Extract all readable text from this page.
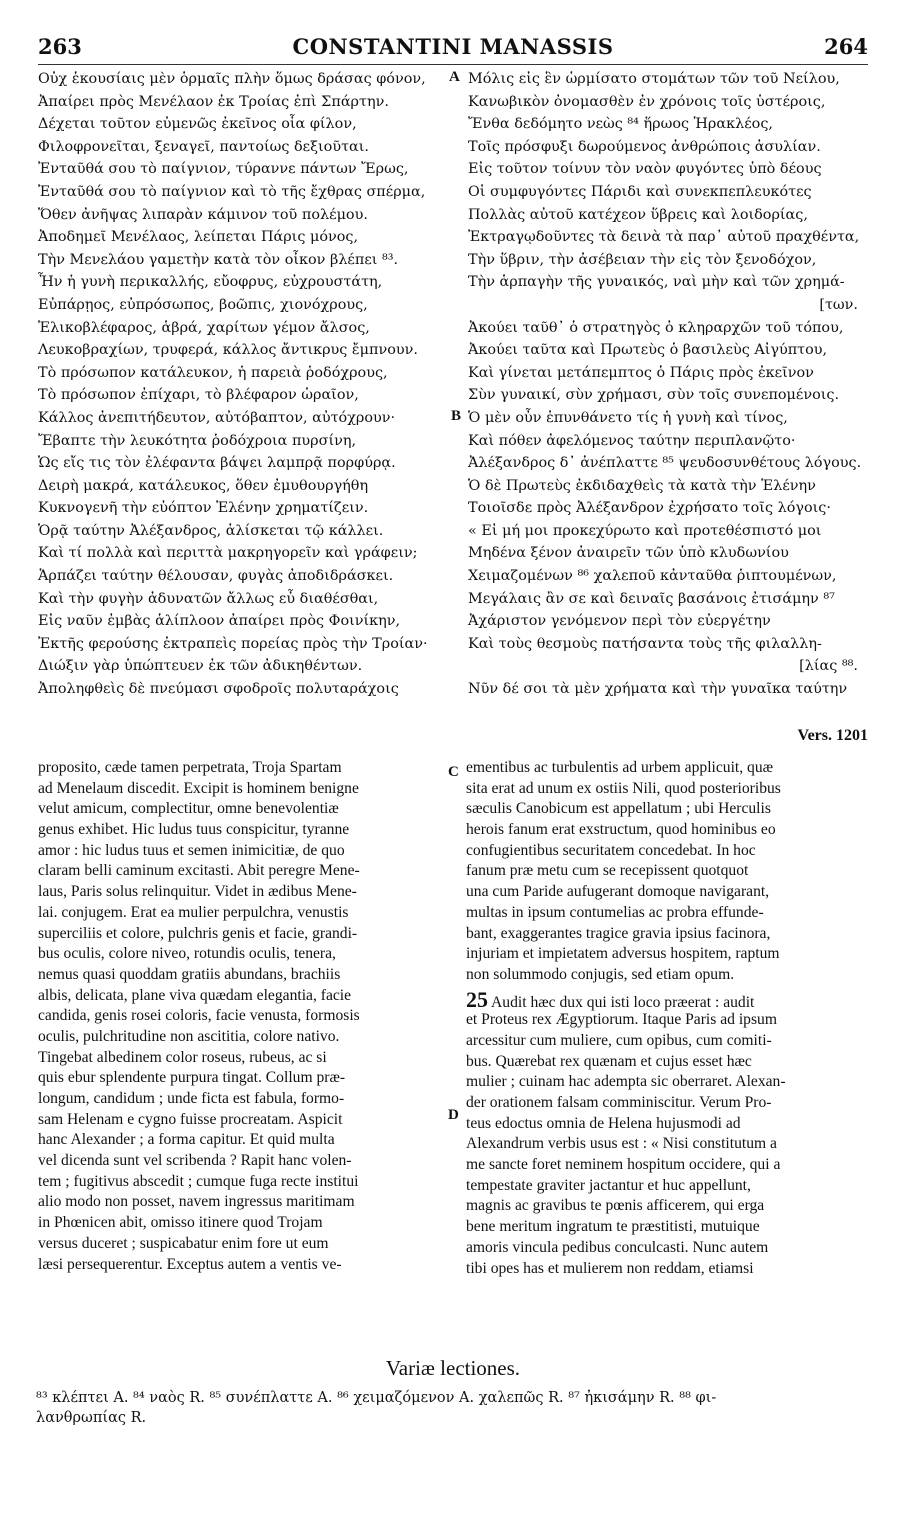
263	CONSTANTINI MANASSIS	264
Οὐχ ἑκουσίαις μὲν ὁρμαῖς πλὴν ὅμως δράσας φόνον,
Ἀπαίρει πρὸς Μενέλαον ἐκ Τροίας ἐπὶ Σπάρτην.
Δέχεται τοῦτον εὐμενῶς ἐκεῖνος οἷα φίλον,
Φιλοφρονεῖται, ξεναγεῖ, παντοίως δεξιοῦται.
Ἐνταῦθά σου τὸ παίγνιον, τύραννε πάντων Ἔρως,
Ἐνταῦθά σου τὸ παίγνιον καὶ τὸ τῆς ἔχθρας σπέρμα,
Ὅθεν ἀνῆψας λιπαρὰν κάμινον τοῦ πολέμου.
Ἀποδημεῖ Μενέλαος, λείπεται Πάρις μόνος,
Τὴν Μενελάου γαμετὴν κατὰ τὸν οἶκον βλέπει ⁸³.
Ἦν ἡ γυνὴ περικαλλής, εὔοφρυς, εὐχρουστάτη,
Εὐπάρῃος, εὐπρόσωπος, βοῶπις, χιονόχρους,
Ἑλικοβλέφαρος, ἁβρά, χαρίτων γέμον ἄλσος,
Λευκοβραχίων, τρυφερά, κάλλος ἄντικρυς ἔμπνουν.
Τὸ πρόσωπον κατάλευκον, ἡ παρειὰ ῥοδόχρους,
Τὸ πρόσωπον ἐπίχαρι, τὸ βλέφαρον ὡραῖον,
Κάλλος ἀνεπιτήδευτον, αὐτόβαπτον, αὐτόχρουν·
Ἔβαπτε τὴν λευκότητα ῥοδόχροια πυρσίνη,
Ὡς εἴς τις τὸν ἐλέφαντα βάψει λαμπρᾷ πορφύρᾳ.
Δειρὴ μακρά, κατάλευκος, ὅθεν ἐμυθουργήθη
Κυκνογενῆ τὴν εὐόπτον Ἑλένην χρηματίζειν.
Ὁρᾷ ταύτην Ἀλέξανδρος, ἁλίσκεται τῷ κάλλει.
Καὶ τί πολλὰ καὶ περιττὰ μακρηγορεῖν καὶ γράφειν;
Ἁρπάζει ταύτην θέλουσαν, φυγὰς ἀποδιδράσκει.
Καὶ τὴν φυγὴν ἀδυνατῶν ἄλλως εὖ διαθέσθαι,
Εἰς ναῦν ἐμβὰς ἁλίπλοον ἀπαίρει πρὸς Φοινίκην,
Ἐκτῆς φερούσης ἐκτραπεὶς πορείας πρὸς τὴν Τροίαν·
Διώξιν γὰρ ὑπώπτευεν ἐκ τῶν ἀδικηθέντων.
Ἀποληφθεὶς δὲ πνεύμασι σφοδροῖς πολυταράχοις
Μόλις εἰς ἓν ὡρμίσατο στομάτων τῶν τοῦ Νείλου,
Κανωβικὸν ὀνομασθὲν ἐν χρόνοις τοῖς ὑστέροις,
Ἔνθα δεδόμητο νεὼς ⁸⁴ ἥρωος Ἡρακλέος,
Τοῖς πρόσφυξι δωρούμενος ἀνθρώποις ἀσυλίαν.
Εἰς τοῦτον τοίνυν τὸν ναὸν φυγόντες ὑπὸ δέους
Οἱ συμφυγόντες Πάριδι καὶ συνεκπεπλευκότες
Πολλὰς αὐτοῦ κατέχεον ὕβρεις καὶ λοιδορίας,
Ἐκτραγῳδοῦντες τὰ δεινὰ τὰ παρ᾽ αὐτοῦ πραχθέντα,
Τὴν ὕβριν, τὴν ἀσέβειαν τὴν εἰς τὸν ξενοδόχον,
Τὴν ἁρπαγὴν τῆς γυναικός, ναὶ μὴν καὶ τῶν χρημά-
[των.
Ἀκούει ταῦθ᾽ ὁ στρατηγὸς ὁ κληραρχῶν τοῦ τόπου,
Ἀκούει ταῦτα καὶ Πρωτεὺς ὁ βασιλεὺς Αἰγύπτου,
Καὶ γίνεται μετάπεμπτος ὁ Πάρις πρὸς ἐκεῖνον
Σὺν γυναικί, σὺν χρήμασι, σὺν τοῖς συνεπομένοις.
Ὁ μὲν οὖν ἐπυνθάνετο τίς ἡ γυνὴ καὶ τίνος,
Καὶ πόθεν ἀφελόμενος ταύτην περιπλανῷτο·
Ἀλέξανδρος δ᾽ ἀνέπλαττε ⁸⁵ ψευδοσυνθέτους λόγους.
Ὁ δὲ Πρωτεὺς ἐκδιδαχθεὶς τὰ κατὰ τὴν Ἑλένην
Τοιοῖσδε πρὸς Ἀλέξανδρον ἐχρήσατο τοῖς λόγοις·
« Εἰ μή μοι προκεχύρωτο καὶ προτεθέσπιστό μοι
Μηδένα ξένον ἀναιρεῖν τῶν ὑπὸ κλυδωνίου
Χειμαζομένων ⁸⁶ χαλεποῦ κἀνταῦθα ῥιπτουμένων,
Μεγάλαις ἂν σε καὶ δειναῖς βασάνοις ἐτισάμην ⁸⁷
Ἀχάριστον γενόμενον περὶ τὸν εὐεργέτην
Καὶ τοὺς θεσμοὺς πατήσαντα τοὺς τῆς φιλαλλη-
[λίας ⁸⁸.
Νῦν δέ σοι τὰ μὲν χρήματα καὶ τὴν γυναῖκα ταύτην
A
B
C
D
Vers. 1201
proposito, cæde tamen perpetrata, Troja Spartam
ad Menelaum discedit. Excipit is hominem benigne
velut amicum, complectitur, omne benevolentiæ
genus exhibet. Hic ludus tuus conspicitur, tyranne
amor : hic ludus tuus et semen inimicitiæ, de quo
claram belli caminum excitasti. Abit peregre Mene-
laus, Paris solus relinquitur. Videt in ædibus Mene-
lai. conjugem. Erat ea mulier perpulchra, venustis
superciliis et colore, pulchris genis et facie, grandi-
bus oculis, colore niveo, rotundis oculis, tenera,
nemus quasi quoddam gratiis abundans, brachiis
albis, delicata, plane viva quædam elegantia, facie
candida, genis rosei coloris, facie venusta, formosis
oculis, pulchritudine non ascititia, colore nativo.
Tingebat albedinem color roseus, rubeus, ac si
quis ebur splendente purpura tingat. Collum præ-
longum, candidum ; unde ficta est fabula, formo-
sam Helenam e cygno fuisse procreatam. Aspicit
hanc Alexander ; a forma capitur. Et quid multa
vel dicenda sunt vel scribenda ? Rapit hanc volen-
tem ; fugitivus abscedit ; cumque fuga recte institui
alio modo non posset, navem ingressus maritimam
in Phœnicen abit, omisso itinere quod Trojam
versus duceret ; suspicabatur enim fore ut eum
læsi persequerentur. Exceptus autem a ventis ve-
ementibus ac turbulentis ad urbem applicuit, quæ
sita erat ad unum ex ostiis Nili, quod posterioribus
sæculis Canobicum est appellatum ; ubi Herculis
herois fanum erat exstructum, quod hominibus eo
confugientibus securitatem concedebat. In hoc
fanum præ metu cum se recepissent quotquot
una cum Paride aufugerant domoque navigarant,
multas in ipsum contumelias ac probra effunde-
bant, exaggerantes tragice gravia ipsius facinora,
injuriam et impietatem adversus hospitem, raptum
non solummodo conjugis, sed etiam opum.
25 Audit hæc dux qui isti loco præerat : audit
et Proteus rex Ægyptiorum. Itaque Paris ad ipsum
arcessitur cum muliere, cum opibus, cum comiti-
bus. Quærebat rex quænam et cujus esset hæc
mulier ; cuinam hac adempta sic oberraret. Alexan-
der orationem falsam comminiscitur. Verum Pro-
teus edoctus omnia de Helena hujusmodi ad
Alexandrum verbis usus est : « Nisi constitutum a
me sancte foret neminem hospitum occidere, qui a
tempestate graviter jactantur et huc appellunt,
magnis ac gravibus te pœnis afficerem, qui erga
bene meritum ingratum te præstitisti, mutuique
amoris vincula pedibus conculcasti. Nunc autem
tibi opes has et mulierem non reddam, etiamsi
Variæ lectiones.
⁸³ κλέπτει A. ⁸⁴ ναὸς R. ⁸⁵ συνέπλαττε A. ⁸⁶ χειμαζόμενον A. χαλεπῶς R. ⁸⁷ ἠκισάμην R. ⁸⁸ φι-
λανθρωπίας R.
